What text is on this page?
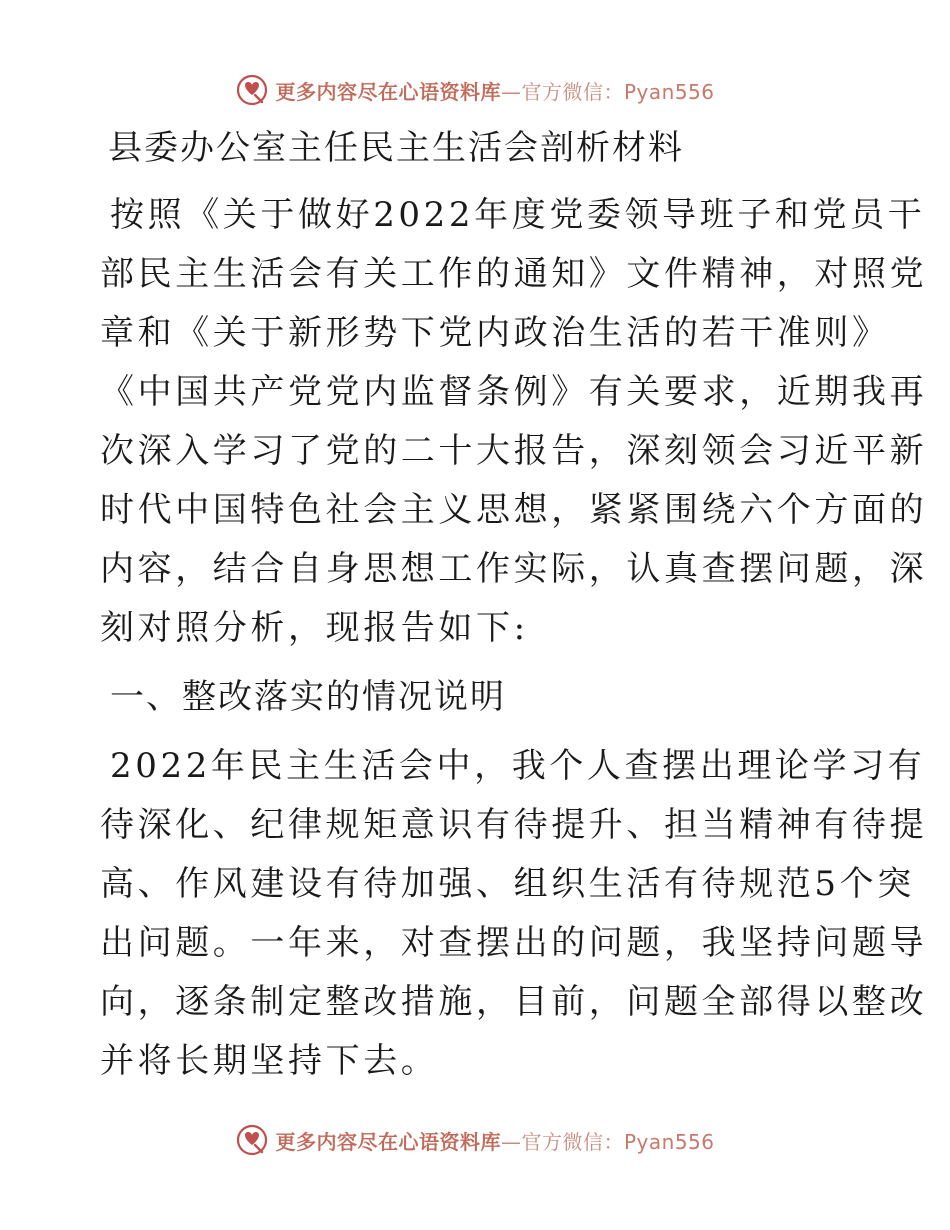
更多内容尽在心语资料库—官方微信：Pyan556
县委办公室主任民主生活会剖析材料
按照《关于做好2022年度党委领导班子和党员干
部民主生活会有关工作的通知》文件精神，对照党
章和《关于新形势下党内政治生活的若干准则》
《中国共产党党内监督条例》有关要求，近期我再
次深入学习了党的二十大报告，深刻领会习近平新
时代中国特色社会主义思想，紧紧围绕六个方面的
内容，结合自身思想工作实际，认真查摆问题，深
刻对照分析，现报告如下:
一、整改落实的情况说明
2022年民主生活会中，我个人查摆出理论学习有
待深化、纪律规矩意识有待提升、担当精神有待提
高、作风建设有待加强、组织生活有待规范5个突
出问题。一年来，对查摆出的问题，我坚持问题导
向，逐条制定整改措施，目前，问题全部得以整改
并将长期坚持下去。
更多内容尽在心语资料库—官方微信：Pyan556
